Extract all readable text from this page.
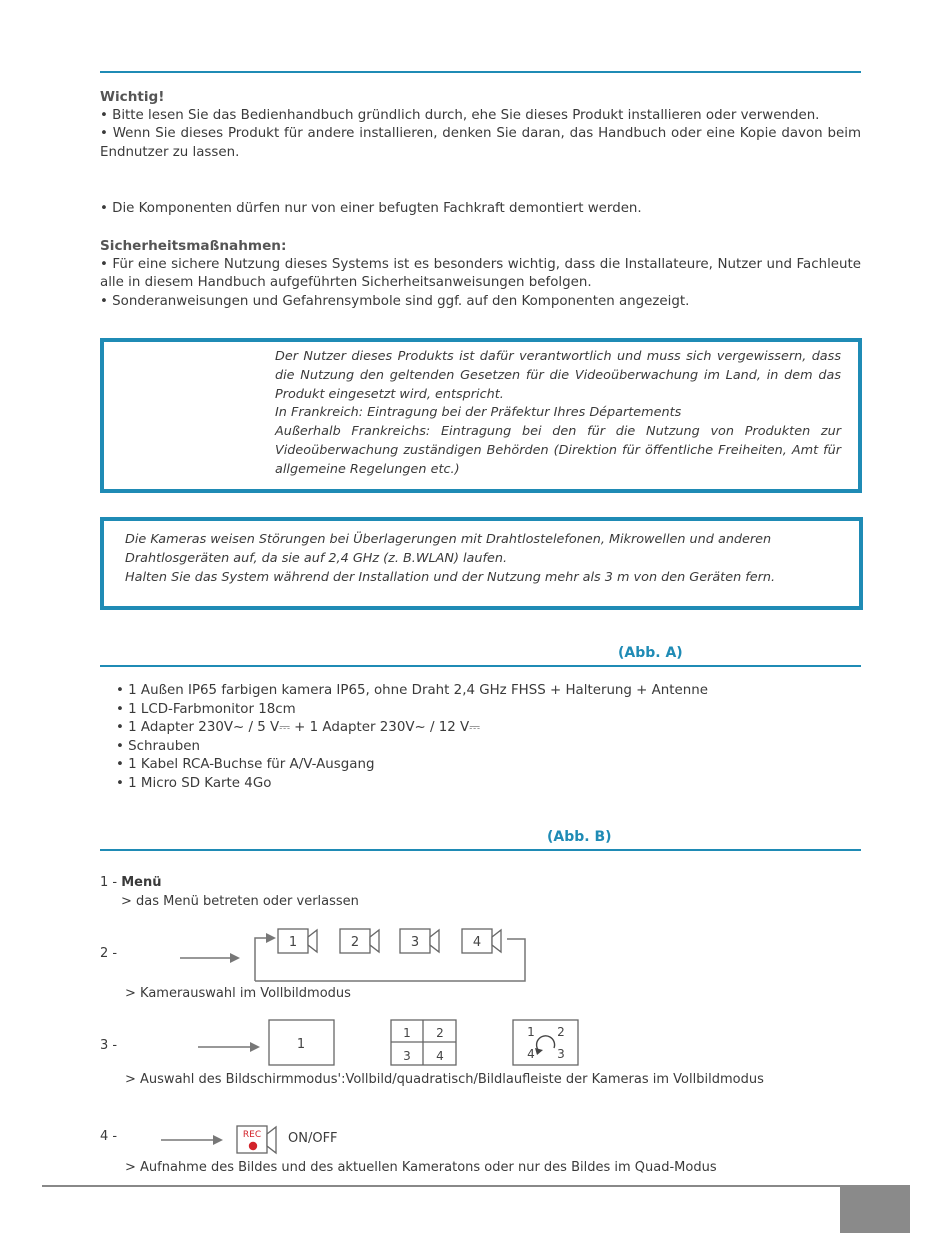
Wichtig!

• Bitte lesen Sie das Bedienhandbuch gründlich durch, ehe Sie dieses Produkt installieren oder verwenden.

• Wenn Sie dieses Produkt für andere installieren, denken Sie daran, das Handbuch oder eine Kopie davon beim Endnutzer zu lassen.

• Die Komponenten dürfen nur von einer befugten Fachkraft demontiert werden.

Sicherheitsmaßnahmen:

• Für eine sichere Nutzung dieses Systems ist es besonders wichtig, dass die Installateure, Nutzer und Fachleute alle in diesem Handbuch aufgeführten Sicherheitsanweisungen befolgen.

• Sonderanweisungen und Gefahrensymbole sind ggf. auf den Komponenten angezeigt.

Der Nutzer dieses Produkts ist dafür verantwortlich und muss sich vergewissern, dass die Nutzung den geltenden Gesetzen für die Videoüberwachung im Land, in dem das Produkt eingesetzt wird, entspricht.

In Frankreich: Eintragung bei der Präfektur Ihres Départements

Außerhalb Frankreichs: Eintragung bei den für die Nutzung von Produkten zur Videoüberwachung zuständigen Behörden (Direktion für öffentliche Freiheiten, Amt für allgemeine Regelungen etc.)

Die Kameras weisen Störungen bei Überlagerungen mit Drahtlostelefonen, Mikrowellen und anderen Drahtlosgeräten auf, da sie auf 2,4 GHz (z. B.WLAN) laufen.

Halten Sie das System während der Installation und der Nutzung mehr als 3 m von den Geräten fern.

(Abb. A)
• 1 Außen IP65 farbigen kamera IP65, ohne Draht 2,4 GHz FHSS + Halterung + Antenne
• 1 LCD-Farbmonitor 18cm
• 1 Adapter 230V~ / 5 V⎓ + 1 Adapter 230V~ / 12 V⎓
• Schrauben
• 1 Kabel RCA-Buchse für A/V-Ausgang
• 1 Micro SD Karte 4Go
(Abb. B)
1 - Menü
> das Menü betreten oder verlassen
2 -
1	2	3	4
> Kamerauswahl im Vollbildmodus
3 -	1
1 2
3 4
1 2
4 3
> Auswahl des Bildschirmmodus':Vollbild/quadratisch/Bildlaufleiste der Kameras im Vollbildmodus
4 -	REC ON/OFF
> Aufnahme des Bildes und des aktuellen Kameratons oder nur des Bildes im Quad-Modus
